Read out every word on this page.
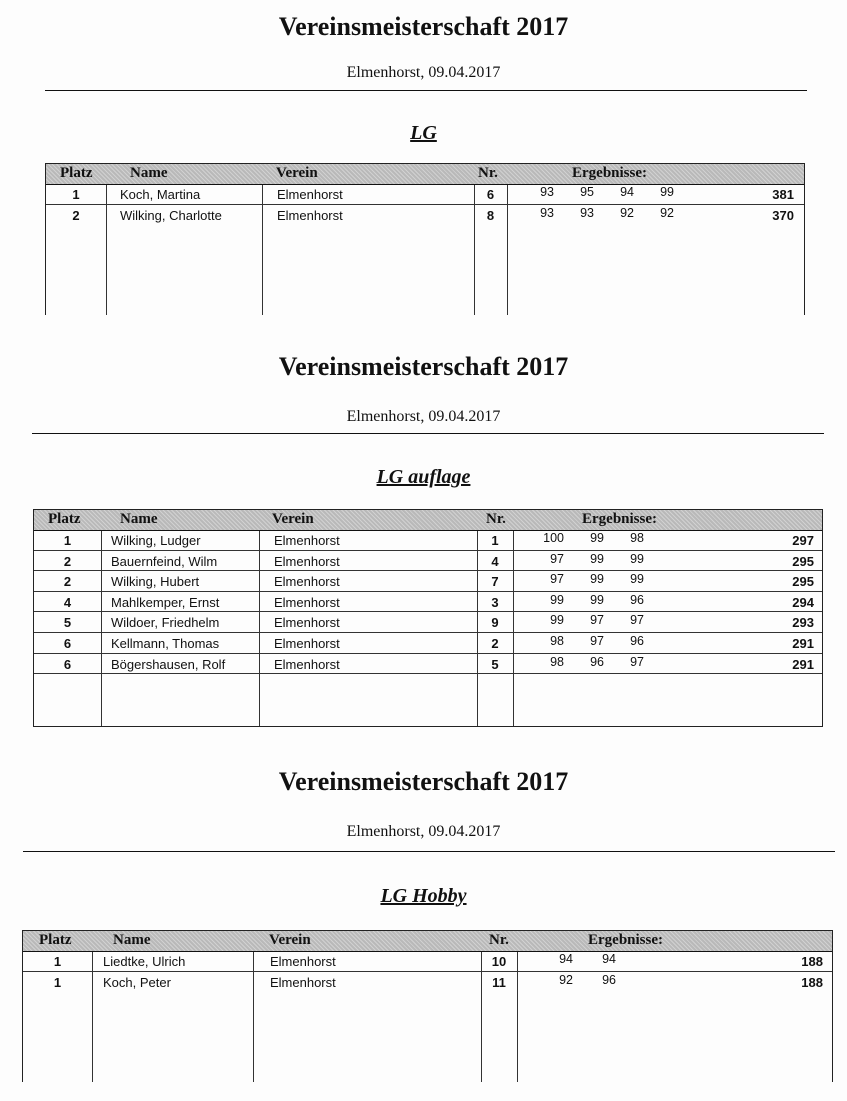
Vereinsmeisterschaft 2017
Elmenhorst, 09.04.2017
LG
Platz	Name	Verein	Nr.	Ergebnisse:
1	Koch, Martina	Elmenhorst	6	93	95	94	99	381
2	Wilking, Charlotte	Elmenhorst	8	93	93	92	92	370
Vereinsmeisterschaft 2017
Elmenhorst, 09.04.2017
LG auflage
Platz	Name	Verein	Nr.	Ergebnisse:
1	Wilking, Ludger	Elmenhorst	1	100	99	98	297
2	Bauernfeind, Wilm	Elmenhorst	4	97	99	99	295
2	Wilking, Hubert	Elmenhorst	7	97	99	99	295
4	Mahlkemper, Ernst	Elmenhorst	3	99	99	96	294
5	Wildoer, Friedhelm	Elmenhorst	9	99	97	97	293
6	Kellmann, Thomas	Elmenhorst	2	98	97	96	291
6	Bögershausen, Rolf	Elmenhorst	5	98	96	97	291
Vereinsmeisterschaft 2017
Elmenhorst, 09.04.2017
LG Hobby
Platz	Name	Verein	Nr.	Ergebnisse:
1	Liedtke, Ulrich	Elmenhorst	10	94	94	188
1	Koch, Peter	Elmenhorst	11	92	96	188
